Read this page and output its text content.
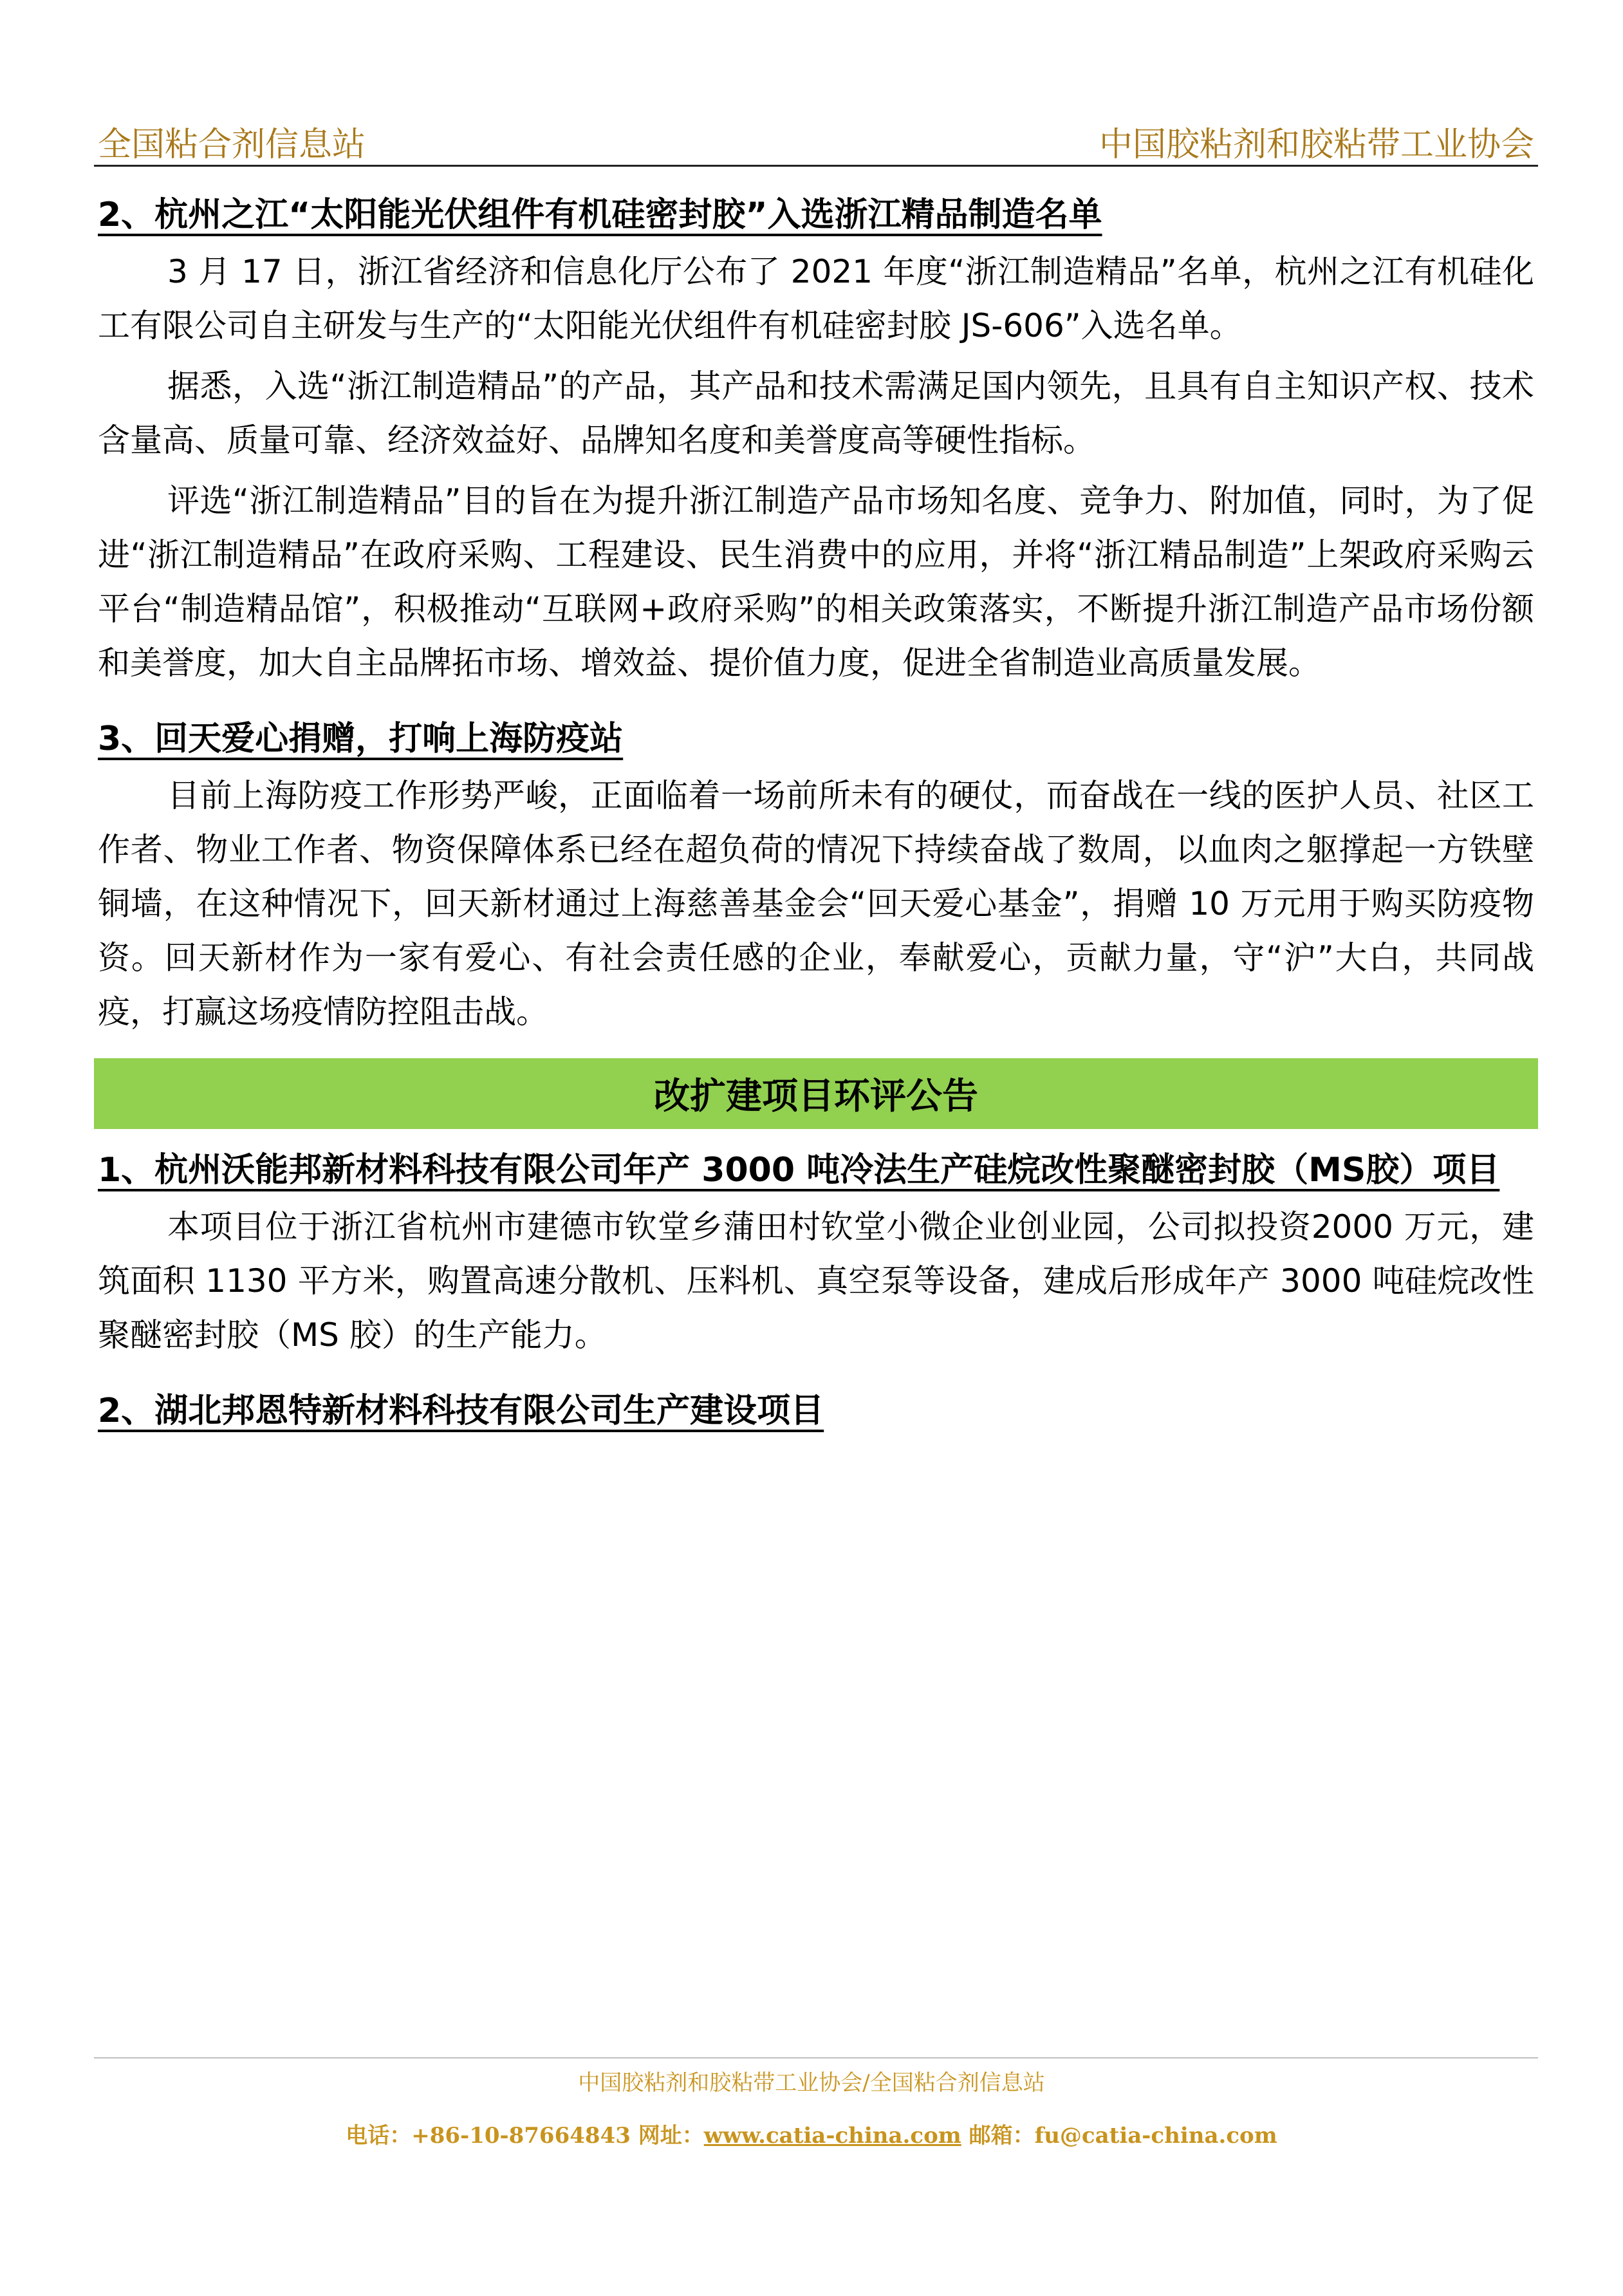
全国粘合剂信息站	中国胶粘剂和胶粘带工业协会
2、杭州之江“太阳能光伏组件有机硅密封胶”入选浙江精品制造名单

3 月 17 日，浙江省经济和信息化厅公布了 2021 年度“浙江制造精品”名单，杭州之江有机硅化工有限公司自主研发与生产的“太阳能光伏组件有机硅密封胶 JS-606”入选名单。

据悉，入选“浙江制造精品”的产品，其产品和技术需满足国内领先，且具有自主知识产权、技术含量高、质量可靠、经济效益好、品牌知名度和美誉度高等硬性指标。

评选“浙江制造精品”目的旨在为提升浙江制造产品市场知名度、竞争力、附加值，同时，为了促进“浙江制造精品”在政府采购、工程建设、民生消费中的应用，并将“浙江精品制造”上架政府采购云平台“制造精品馆”，积极推动“互联网+政府采购”的相关政策落实，不断提升浙江制造产品市场份额和美誉度，加大自主品牌拓市场、增效益、提价值力度，促进全省制造业高质量发展。

3、回天爱心捐赠，打响上海防疫站

目前上海防疫工作形势严峻，正面临着一场前所未有的硬仗，而奋战在一线的医护人员、社区工作者、物业工作者、物资保障体系已经在超负荷的情况下持续奋战了数周，以血肉之躯撑起一方铁壁铜墙，在这种情况下，回天新材通过上海慈善基金会“回天爱心基金”，捐赠 10 万元用于购买防疫物资。回天新材作为一家有爱心、有社会责任感的企业，奉献爱心，贡献力量，守“沪”大白，共同战疫，打赢这场疫情防控阻击战。

改扩建项目环评公告
1、杭州沃能邦新材料科技有限公司年产 3000 吨冷法生产硅烷改性聚醚密封胶（MS胶）项目

本项目位于浙江省杭州市建德市钦堂乡蒲田村钦堂小微企业创业园，公司拟投资2000 万元，建筑面积 1130 平方米，购置高速分散机、压料机、真空泵等设备，建成后形成年产 3000 吨硅烷改性聚醚密封胶（MS 胶）的生产能力。

2、湖北邦恩特新材料科技有限公司生产建设项目
中国胶粘剂和胶粘带工业协会/全国粘合剂信息站
电话：+86-10-87664843 网址：www.catia-china.com 邮箱：fu@catia-china.com
